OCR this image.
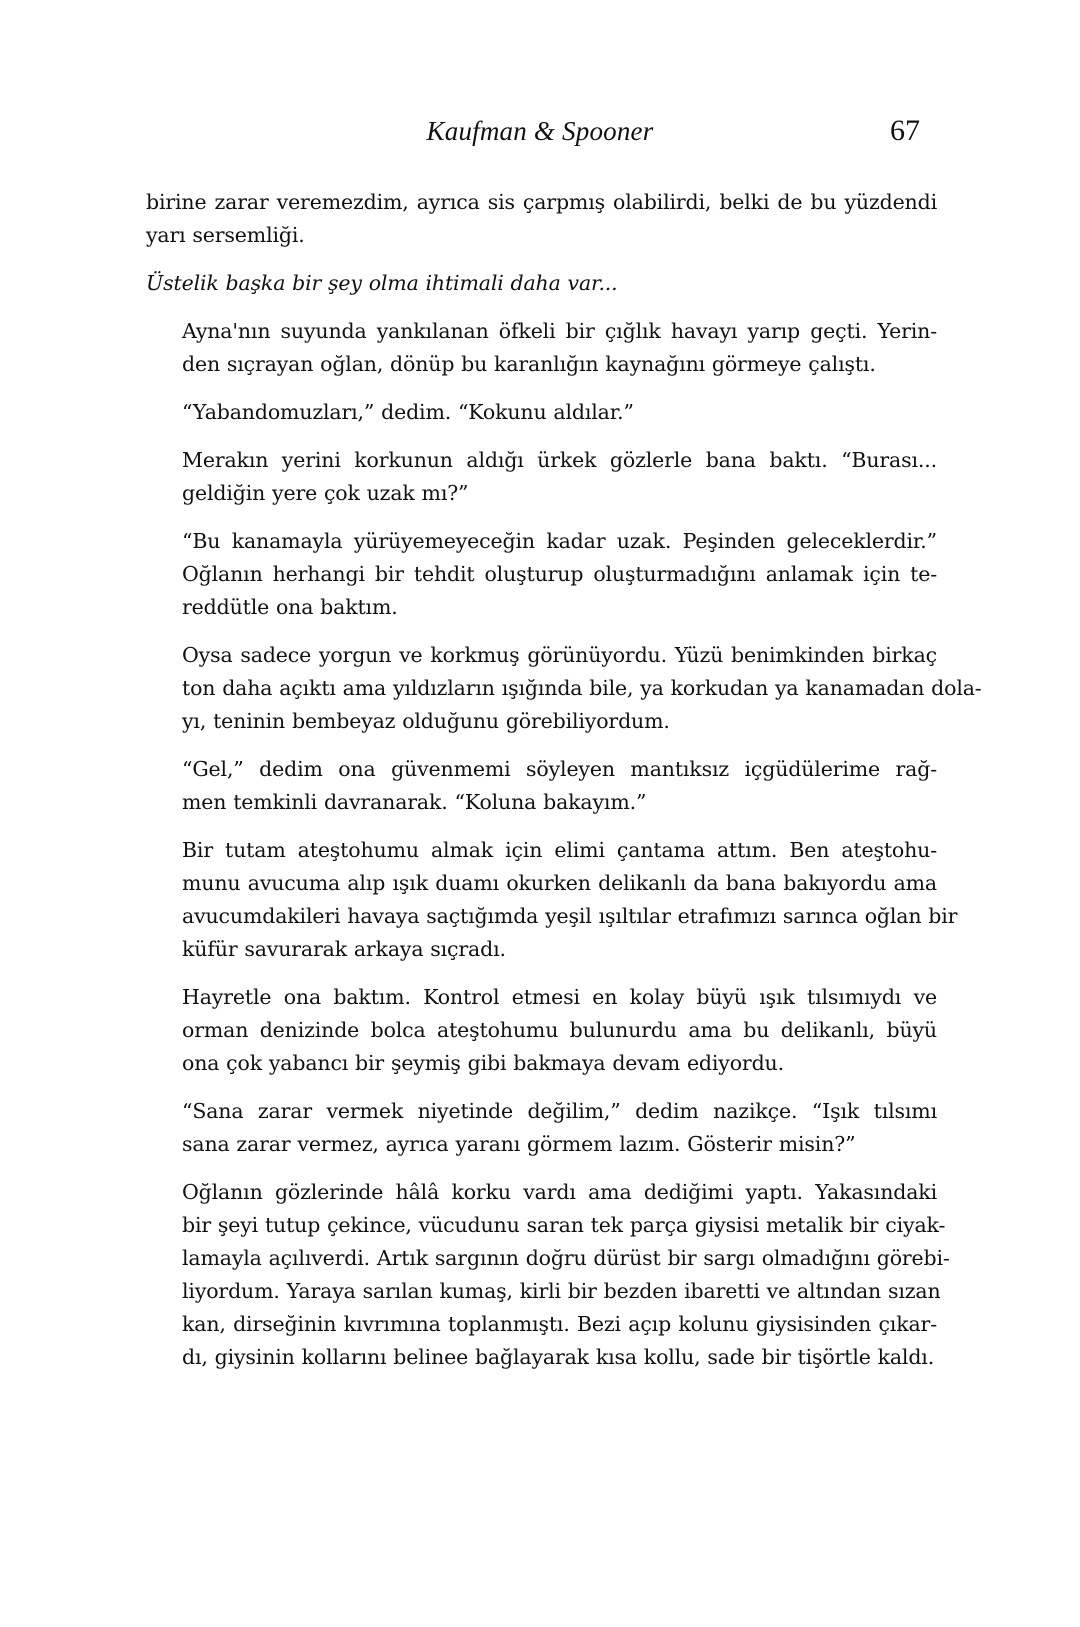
Kaufman & Spooner	67

birine zarar veremezdim, ayrıca sis çarpmış olabilirdi, belki de bu yüzdendi
yarı sersemliği.

Üstelik başka bir şey olma ihtimali daha var...

Ayna'nın suyunda yankılanan öfkeli bir çığlık havayı yarıp geçti. Yerin-
den sıçrayan oğlan, dönüp bu karanlığın kaynağını görmeye çalıştı.

“Yabandomuzları,” dedim. “Kokunu aldılar.”

Merakın yerini korkunun aldığı ürkek gözlerle bana baktı. “Burası...
geldiğin yere çok uzak mı?”

“Bu kanamayla yürüyemeyeceğin kadar uzak. Peşinden geleceklerdir.”
Oğlanın herhangi bir tehdit oluşturup oluşturmadığını anlamak için te-
reddütle ona baktım.

Oysa sadece yorgun ve korkmuş görünüyordu. Yüzü benimkinden birkaç
ton daha açıktı ama yıldızların ışığında bile, ya korkudan ya kanamadan dola-
yı, teninin bembeyaz olduğunu görebiliyordum.

“Gel,” dedim ona güvenmemi söyleyen mantıksız içgüdülerime rağ-
men temkinli davranarak. “Koluna bakayım.”

Bir tutam ateştohumu almak için elimi çantama attım. Ben ateştohu-
munu avucuma alıp ışık duamı okurken delikanlı da bana bakıyordu ama
avucumdakileri havaya saçtığımda yeşil ışıltılar etrafımızı sarınca oğlan bir
küfür savurarak arkaya sıçradı.

Hayretle ona baktım. Kontrol etmesi en kolay büyü ışık tılsımıydı ve
orman denizinde bolca ateştohumu bulunurdu ama bu delikanlı, büyü
ona çok yabancı bir şeymiş gibi bakmaya devam ediyordu.

“Sana zarar vermek niyetinde değilim,” dedim nazikçe. “Işık tılsımı
sana zarar vermez, ayrıca yaranı görmem lazım. Gösterir misin?”

Oğlanın gözlerinde hâlâ korku vardı ama dediğimi yaptı. Yakasındaki
bir şeyi tutup çekince, vücudunu saran tek parça giysisi metalik bir ciyak-
lamayla açılıverdi. Artık sargının doğru dürüst bir sargı olmadığını görebi-
liyordum. Yaraya sarılan kumaş, kirli bir bezden ibaretti ve altından sızan
kan, dirseğinin kıvrımına toplanmıştı. Bezi açıp kolunu giysisinden çıkar-
dı, giysinin kollarını belinee bağlayarak kısa kollu, sade bir tişörtle kaldı.
